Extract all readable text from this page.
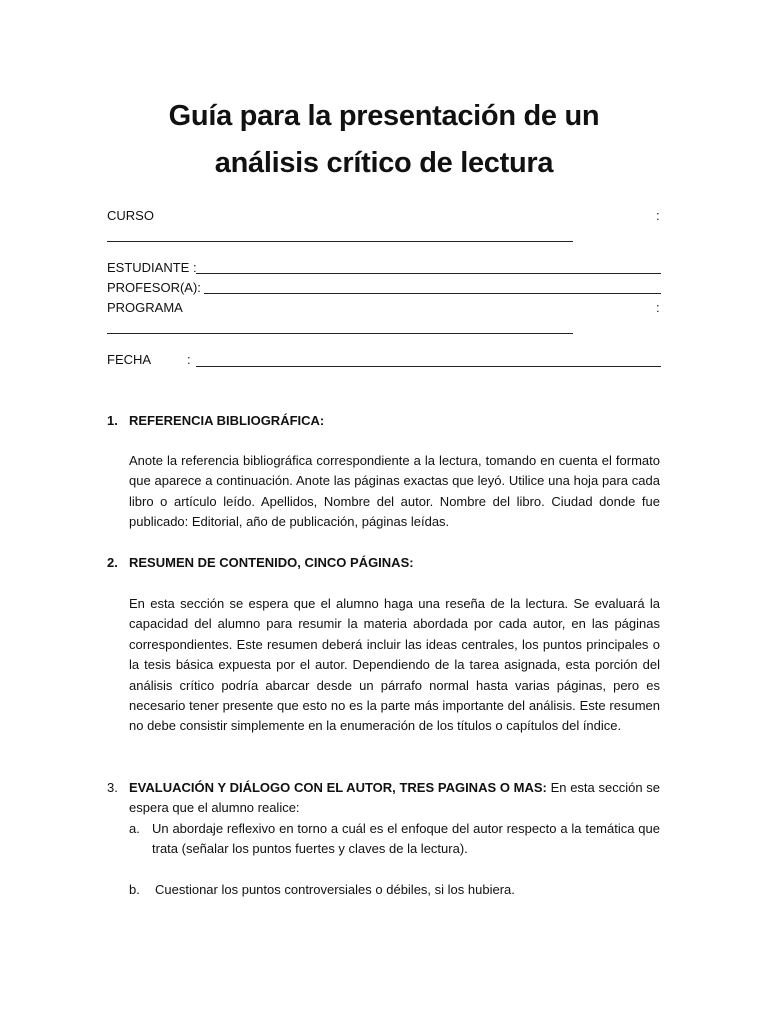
Guía para la presentación de un
análisis crítico de lectura
CURSO	:
ESTUDIANTE :
PROFESOR(A):
PROGRAMA	:
FECHA	:
1. REFERENCIA BIBLIOGRÁFICA:
Anote la referencia bibliográfica correspondiente a la lectura, tomando en cuenta el formato que aparece a continuación. Anote las páginas exactas que leyó. Utilice una hoja para cada libro o artículo leído. Apellidos, Nombre del autor. Nombre del libro. Ciudad donde fue publicado: Editorial, año de publicación, páginas leídas.
2. RESUMEN DE CONTENIDO, CINCO PÁGINAS:
En esta sección se espera que el alumno haga una reseña de la lectura. Se evaluará la capacidad del alumno para resumir la materia abordada por cada autor, en las páginas correspondientes. Este resumen deberá incluir las ideas centrales, los puntos principales o la tesis básica expuesta por el autor. Dependiendo de la tarea asignada, esta porción del análisis crítico podría abarcar desde un párrafo normal hasta varias páginas, pero es necesario tener presente que esto no es la parte más importante del análisis. Este resumen no debe consistir simplemente en la enumeración de los títulos o capítulos del índice.
3. EVALUACIÓN Y DIÁLOGO CON EL AUTOR, TRES PAGINAS O MAS: En esta sección se espera que el alumno realice:
a. Un abordaje reflexivo en torno a cuál es el enfoque del autor respecto a la temática que trata (señalar los puntos fuertes y claves de la lectura).
b. Cuestionar los puntos controversiales o débiles, si los hubiera.
